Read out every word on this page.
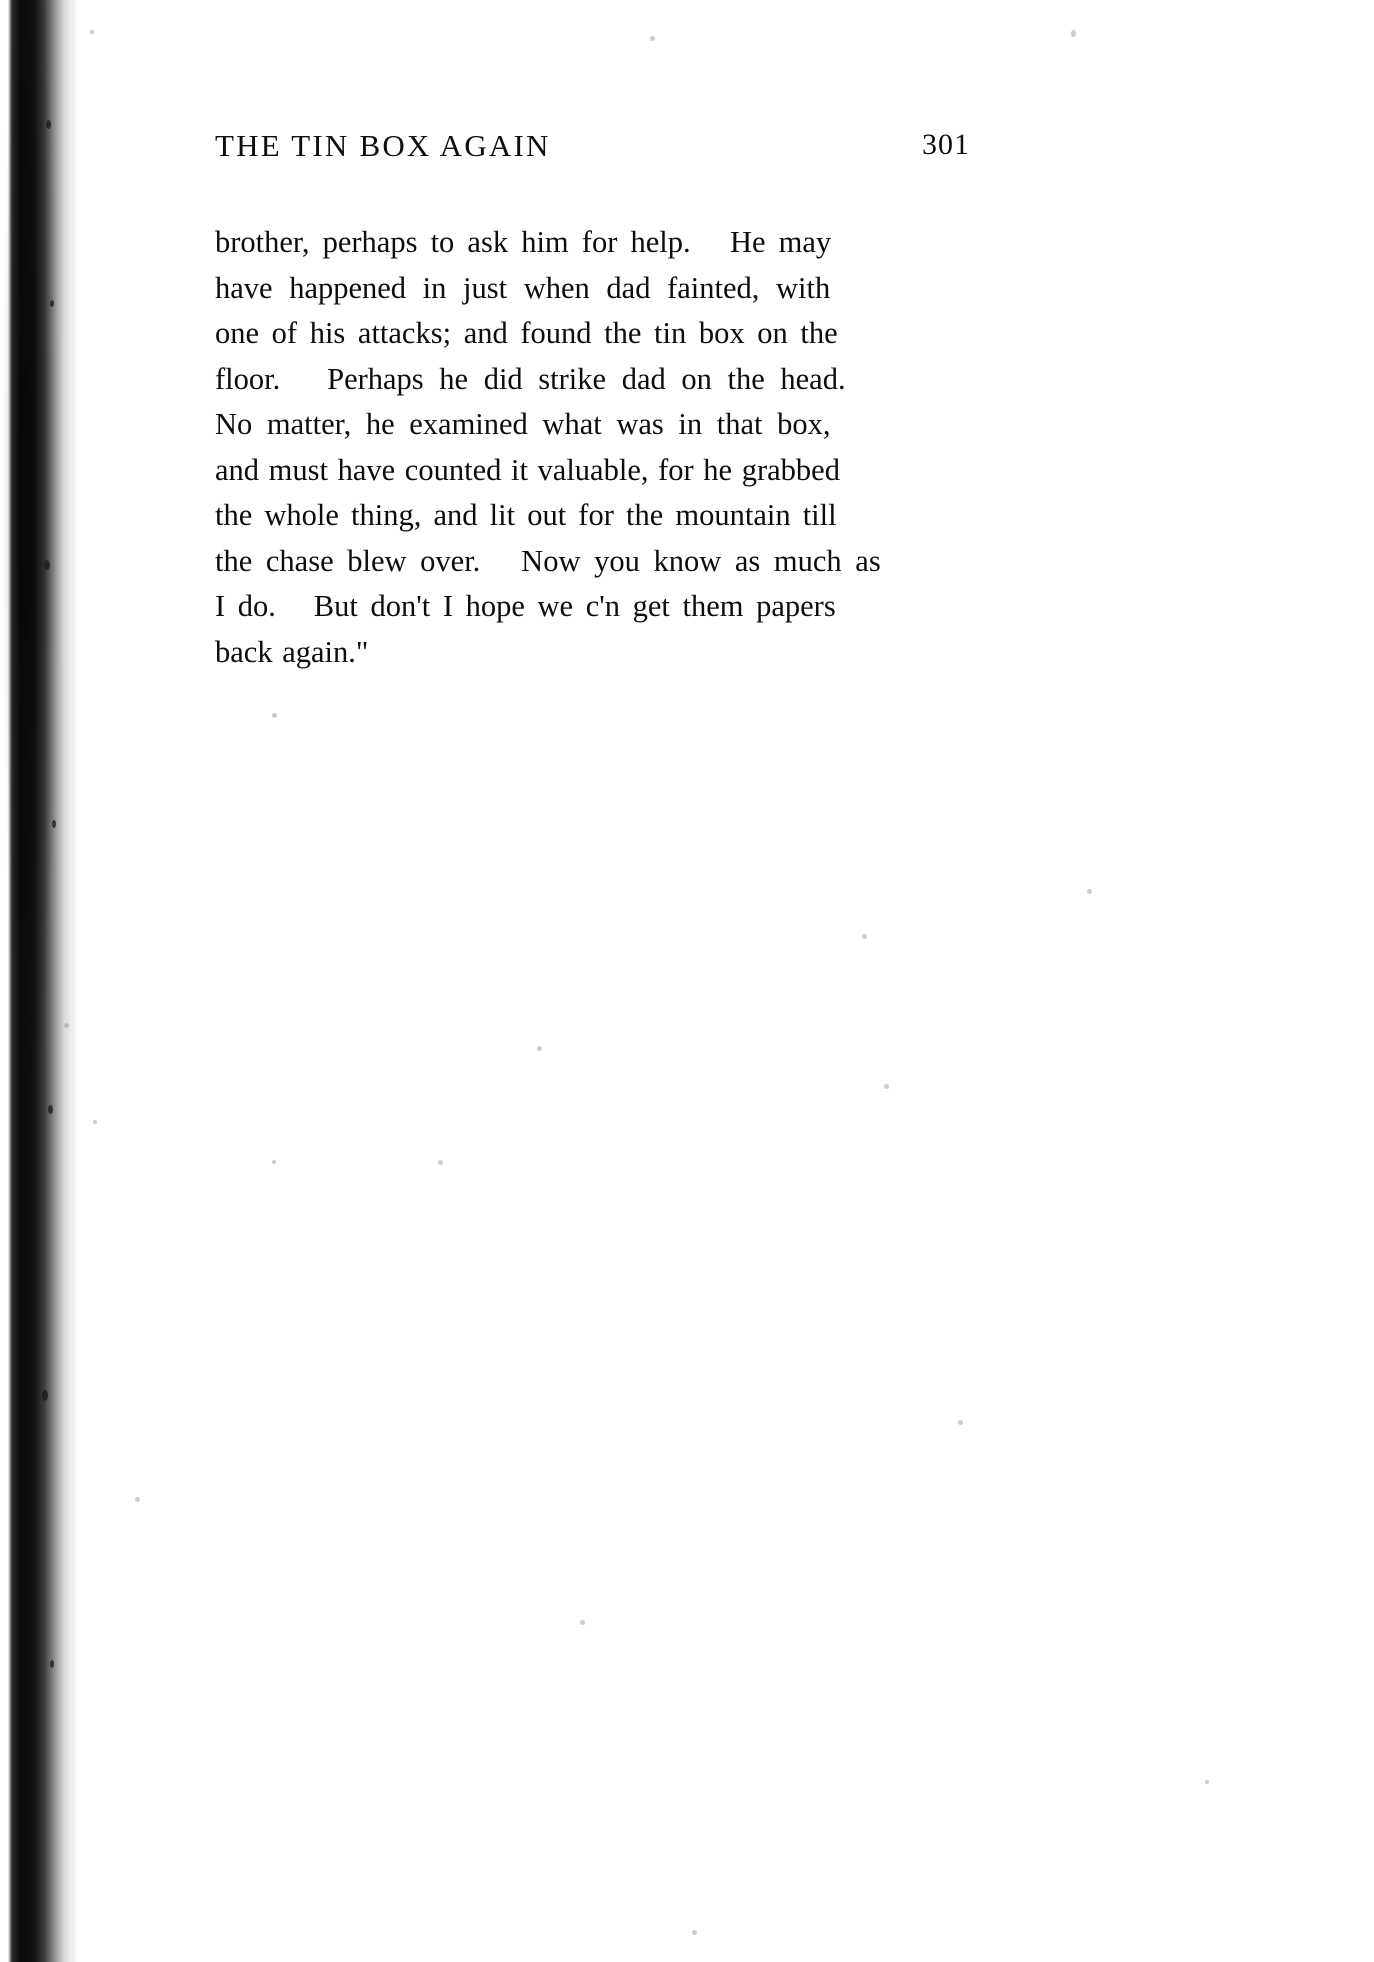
THE TIN BOX AGAIN	301
brother, perhaps to ask him for help.   He may
have happened in just when dad fainted, with
one of his attacks; and found the tin box on the
floor.   Perhaps he did strike dad on the head.
No matter, he examined what was in that box,
and must have counted it valuable, for he grabbed
the whole thing, and lit out for the mountain till
the chase blew over.   Now you know as much as
I do.   But don't I hope we c'n get them papers
back again."
